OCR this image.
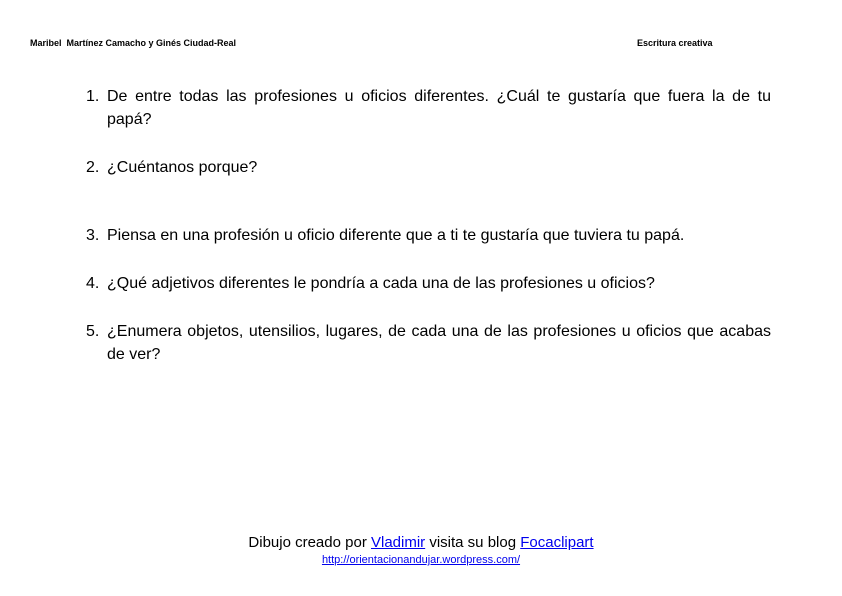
Maribel  Martínez Camacho y Ginés Ciudad-Real	Escritura creativa
1. De entre todas las profesiones u oficios diferentes. ¿Cuál te gustaría que fuera la de tu papá?
2. ¿Cuéntanos porque?
3. Piensa en una profesión u oficio diferente que a ti te gustaría que tuviera tu papá.
4. ¿Qué adjetivos diferentes le pondría a cada una de las profesiones u oficios?
5. ¿Enumera objetos, utensilios, lugares, de cada una de las profesiones u oficios que acabas de ver?
Dibujo creado por Vladimir visita su blog Focaclipart
http://orientacionandujar.wordpress.com/
